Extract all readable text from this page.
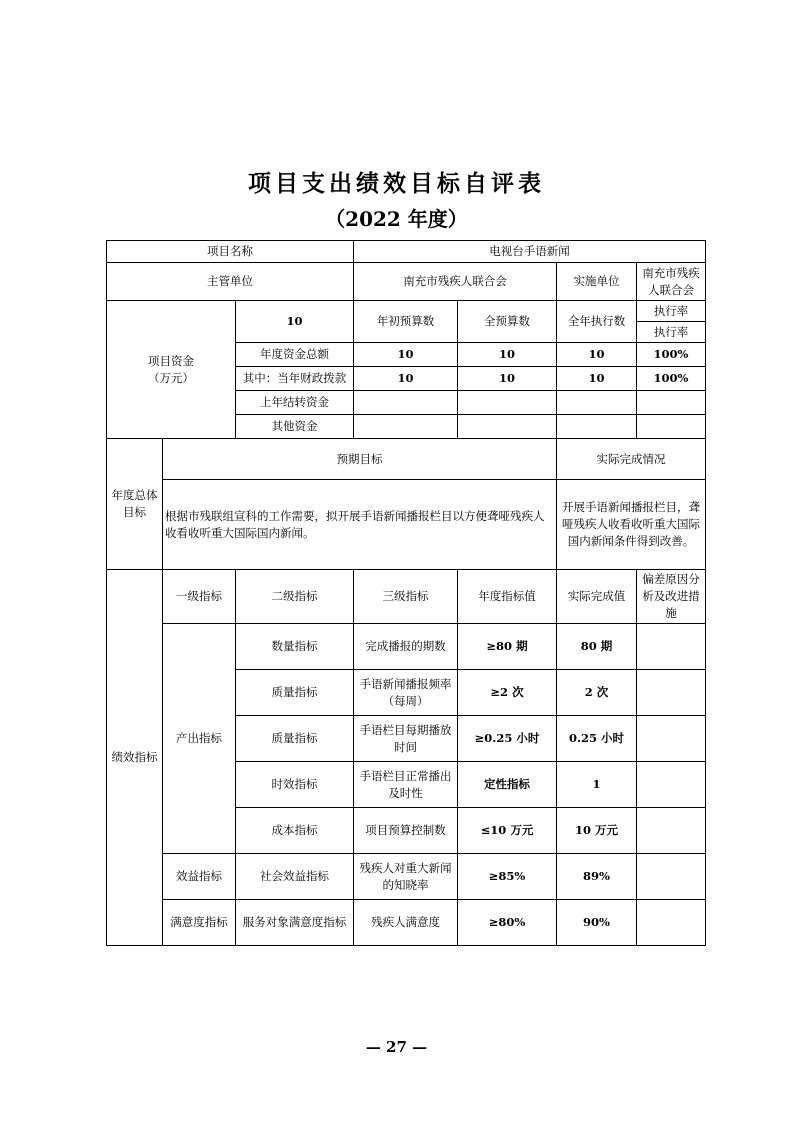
项目支出绩效目标自评表
（2022 年度）
项目名称			电视台手语新闻			
主管单位			南充市残疾人联合会		实施单位	南充市残疾人联合会
项目资金
（万元）		10	年初预算数	全预算数	全年执行数	执行率
						执行率
		年度资金总额	10	10	10	100%
		其中：当年财政拨款	10	10	10	100%
		上年结转资金				
		其他资金				
年度总体
目标	预期目标				实际完成情况	
	根据市残联组宣科的工作需要，拟开展手语新闻播报栏目以方便聋哑残疾人收看收听重大国际国内新闻。				开展手语新闻播报栏目，聋哑残疾人收看收听重大国际国内新闻条件得到改善。	
绩效指标	一级指标	二级指标	三级指标	年度指标值	实际完成值	偏差原因分析及改进措施
	产出指标	数量指标	完成播报的期数	≥80 期	80 期	
		质量指标	手语新闻播报频率（每周）	≥2 次	2 次	
		质量指标	手语栏目每期播放时间	≥0.25 小时	0.25 小时	
		时效指标	手语栏目正常播出及时性	定性指标	1	
		成本指标	项目预算控制数	≤10 万元	10 万元	
	效益指标	社会效益指标	残疾人对重大新闻的知晓率	≥85%	89%	
	满意度指标	服务对象满意度指标	残疾人满意度	≥80%	90%	
— 27 —
